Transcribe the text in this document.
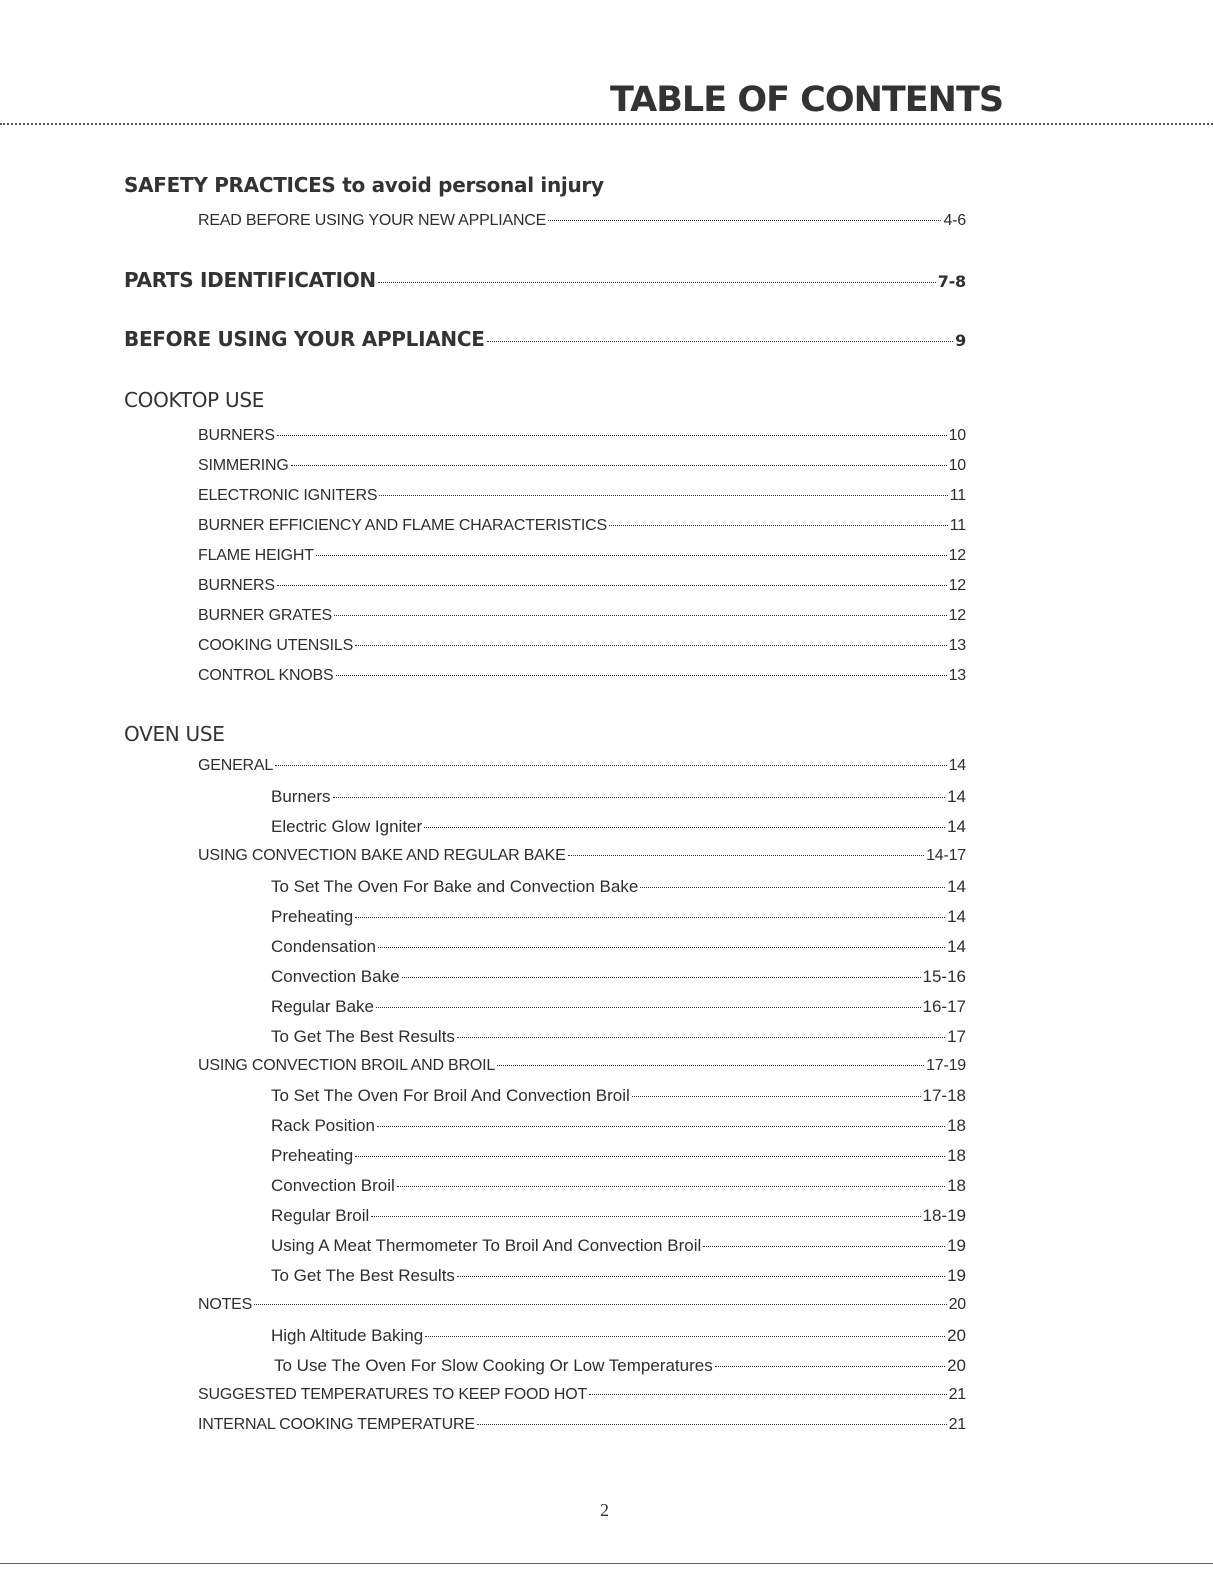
TABLE OF CONTENTS
SAFETY PRACTICES to avoid personal injury
READ BEFORE USING YOUR NEW APPLIANCE	4-6
PARTS IDENTIFICATION	7-8
BEFORE USING YOUR APPLIANCE	9
COOKTOP USE
BURNERS	10
SIMMERING	10
ELECTRONIC IGNITERS	11
BURNER EFFICIENCY AND FLAME CHARACTERISTICS	11
FLAME HEIGHT	12
BURNERS	12
BURNER GRATES	12
COOKING UTENSILS	13
CONTROL KNOBS	13
OVEN USE
GENERAL	14
Burners	14
Electric Glow Igniter	14
USING CONVECTION BAKE AND REGULAR BAKE	14-17
To Set The Oven For Bake and Convection Bake	14
Preheating	14
Condensation	14
Convection Bake	15-16
Regular Bake	16-17
To Get The Best Results	17
USING CONVECTION BROIL AND BROIL	17-19
To Set The Oven For Broil And Convection Broil	17-18
Rack Position	18
Preheating	18
Convection Broil	18
Regular Broil	18-19
Using A Meat Thermometer To Broil And Convection Broil	19
To Get The Best Results	19
NOTES	20
High Altitude Baking	20
To Use The Oven For Slow Cooking Or Low Temperatures	20
SUGGESTED TEMPERATURES TO KEEP FOOD HOT	21
INTERNAL COOKING TEMPERATURE	21
2
